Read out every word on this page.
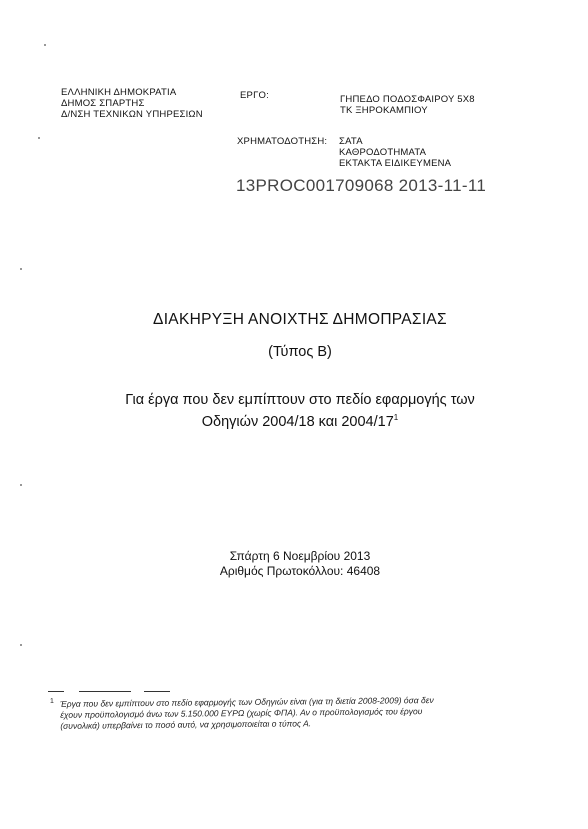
ΕΛΛΗΝΙΚΗ ΔΗΜΟΚΡΑΤΙΑ
ΔΗΜΟΣ ΣΠΑΡΤΗΣ
Δ/ΝΣΗ ΤΕΧΝΙΚΩΝ ΥΠΗΡΕΣΙΩΝ
ΕΡΓΟ:	ΓΗΠΕΔΟ ΠΟΔΟΣΦΑΙΡΟΥ 5Χ8
ΤΚ ΞΗΡΟΚΑΜΠΙΟΥ
ΧΡΗΜΑΤΟΔΟΤΗΣΗ: ΣΑΤΑ
ΚΑΘΡΟΔΟΤΗΜΑΤΑ
ΕΚΤΑΚΤΑ ΕΙΔΙΚΕΥΜΕΝΑ
13PROC001709068 2013-11-11
ΔΙΑΚΗΡΥΞΗ ΑΝΟΙΧΤΗΣ ΔΗΜΟΠΡΑΣΙΑΣ
(Τύπος Β)
Για έργα που δεν εμπίπτουν στο πεδίο εφαρμογής των
Οδηγιών 2004/18 και $2004/17^1$
Σπάρτη 6 Νοεμβρίου 2013
Αριθμός Πρωτοκόλλου: 46408
1 Έργα που δεν εμπίπτουν στο πεδίο εφαρμογής των Οδηγιών είναι (για τη διετία 2008-2009) όσα δεν
έχουν προϋπολογισμό άνω των 5.150.000 ΕΥΡΩ (χωρίς ΦΠΑ). Αν ο προϋπολογισμός του έργου
(συνολικά) υπερβαίνει το ποσό αυτό, να χρησιμοποιείται ο τύπος Α.
